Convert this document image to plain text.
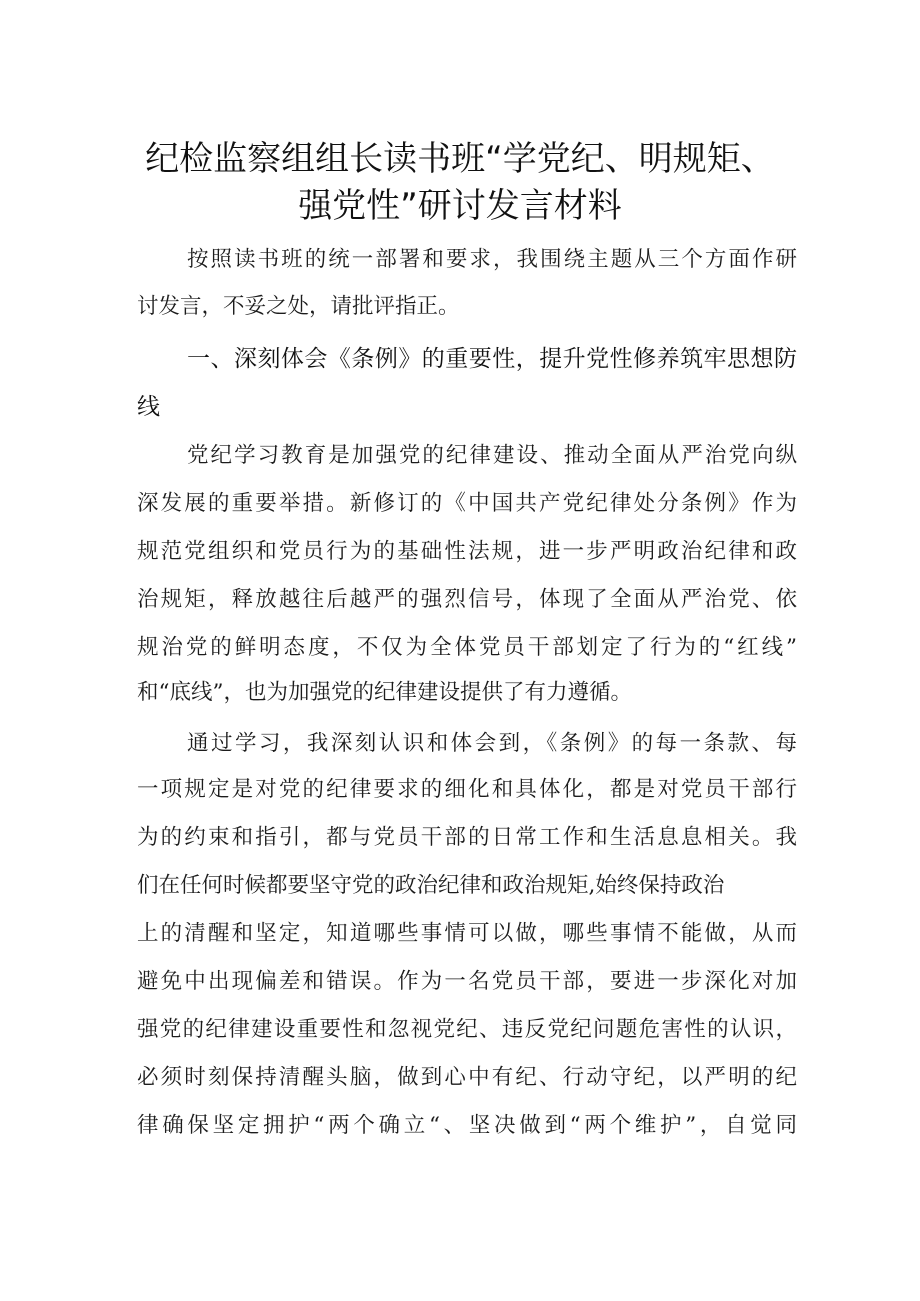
纪检监察组组长读书班“学党纪、明规矩、
强党性”研讨发言材料
按照读书班的统一部署和要求，我围绕主题从三个方面作研
讨发言，不妥之处，请批评指正。
一、深刻体会《条例》的重要性，提升党性修养筑牢思想防
线
党纪学习教育是加强党的纪律建设、推动全面从严治党向纵
深发展的重要举措。新修订的《中国共产党纪律处分条例》作为
规范党组织和党员行为的基础性法规，进一步严明政治纪律和政
治规矩，释放越往后越严的强烈信号，体现了全面从严治党、依
规治党的鲜明态度，不仅为全体党员干部划定了行为的“红线”
和“底线”，也为加强党的纪律建设提供了有力遵循。
通过学习，我深刻认识和体会到，《条例》的每一条款、每
一项规定是对党的纪律要求的细化和具体化，都是对党员干部行
为的约束和指引，都与党员干部的日常工作和生活息息相关。我
们在任何时候都要坚守党的政治纪律和政治规矩,始终保持政治
上的清醒和坚定，知道哪些事情可以做，哪些事情不能做，从而
避免中出现偏差和错误。作为一名党员干部，要进一步深化对加
强党的纪律建设重要性和忽视党纪、违反党纪问题危害性的认识，
必须时刻保持清醒头脑，做到心中有纪、行动守纪，以严明的纪
律确保坚定拥护“两个确立“、坚决做到“两个维护”，自觉同
